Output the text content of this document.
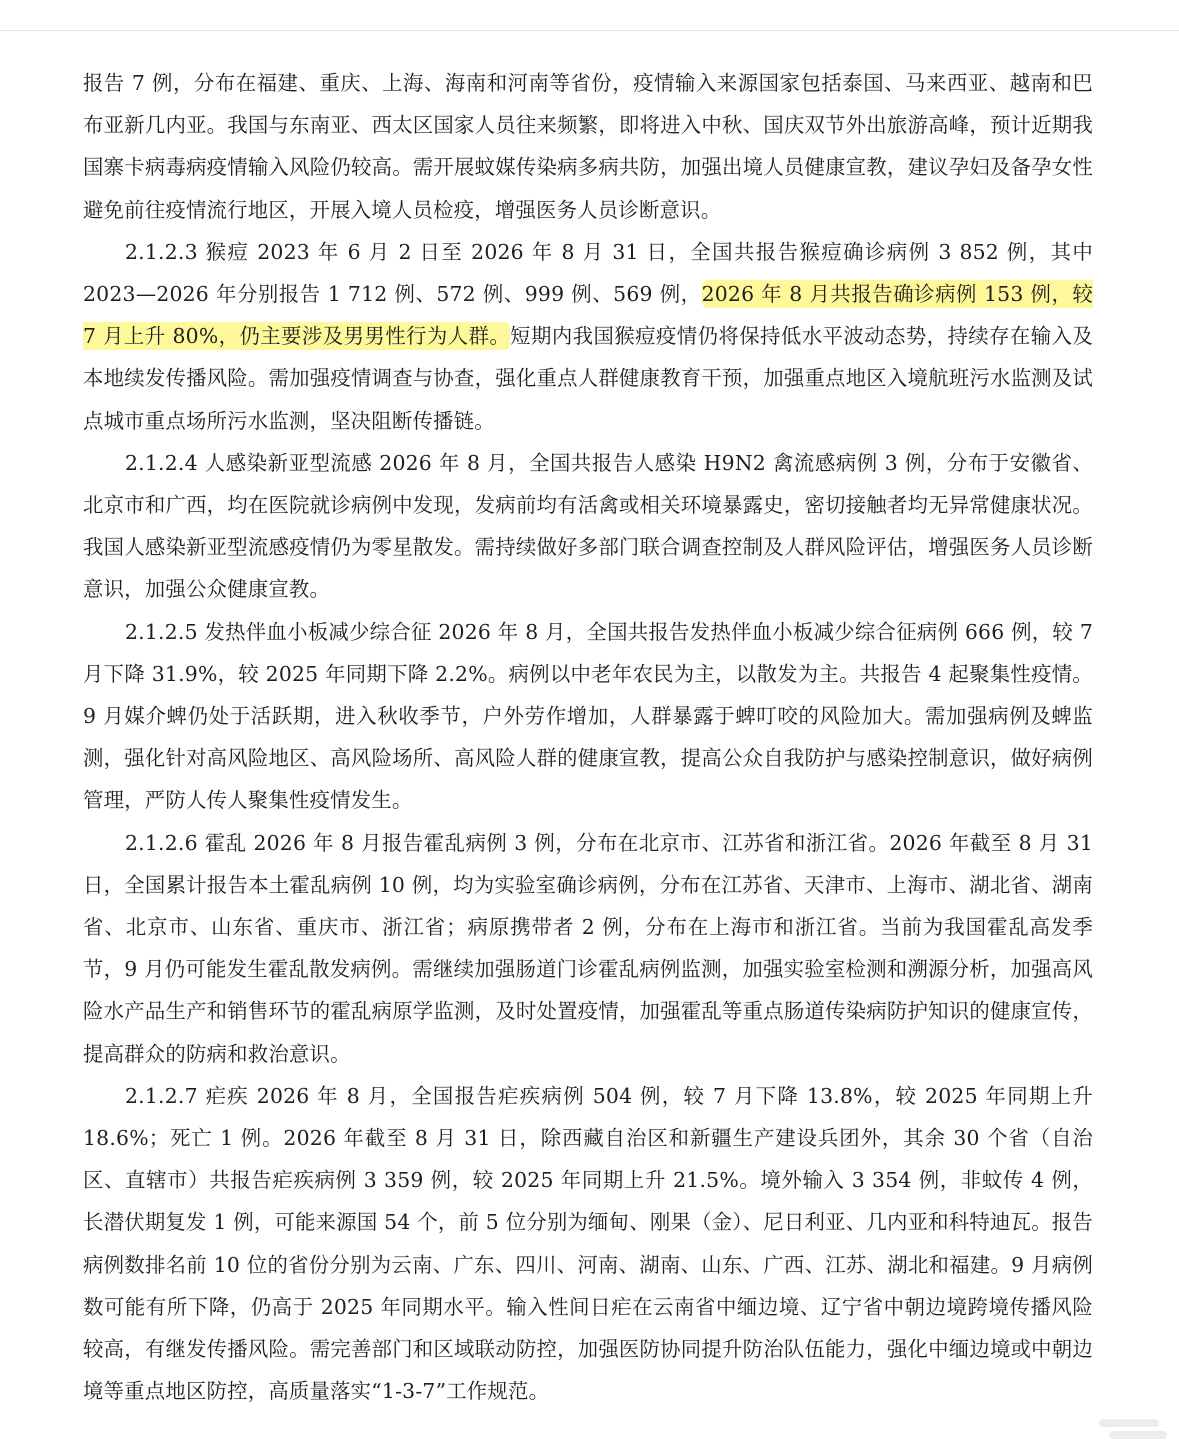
报告 7 例，分布在福建、重庆、上海、海南和河南等省份，疫情输入来源国家包括泰国、马来西亚、越南和巴布亚新几内亚。我国与东南亚、西太区国家人员往来频繁，即将进入中秋、国庆双节外出旅游高峰，预计近期我国寨卡病毒病疫情输入风险仍较高。需开展蚊媒传染病多病共防，加强出境人员健康宣教，建议孕妇及备孕女性避免前往疫情流行地区，开展入境人员检疫，增强医务人员诊断意识。

2.1.2.3 猴痘 2023 年 6 月 2 日至 2026 年 8 月 31 日，全国共报告猴痘确诊病例 3 852 例，其中 2023—2026 年分别报告 1 712 例、572 例、999 例、569 例，2026 年 8 月共报告确诊病例 153 例，较 7 月上升 80%，仍主要涉及男男性行为人群。短期内我国猴痘疫情仍将保持低水平波动态势，持续存在输入及本地续发传播风险。需加强疫情调查与协查，强化重点人群健康教育干预，加强重点地区入境航班污水监测及试点城市重点场所污水监测，坚决阻断传播链。

2.1.2.4 人感染新亚型流感 2026 年 8 月，全国共报告人感染 H9N2 禽流感病例 3 例，分布于安徽省、北京市和广西，均在医院就诊病例中发现，发病前均有活禽或相关环境暴露史，密切接触者均无异常健康状况。我国人感染新亚型流感疫情仍为零星散发。需持续做好多部门联合调查控制及人群风险评估，增强医务人员诊断意识，加强公众健康宣教。

2.1.2.5 发热伴血小板减少综合征 2026 年 8 月，全国共报告发热伴血小板减少综合征病例 666 例，较 7 月下降 31.9%，较 2025 年同期下降 2.2%。病例以中老年农民为主，以散发为主。共报告 4 起聚集性疫情。9 月媒介蜱仍处于活跃期，进入秋收季节，户外劳作增加，人群暴露于蜱叮咬的风险加大。需加强病例及蜱监测，强化针对高风险地区、高风险场所、高风险人群的健康宣教，提高公众自我防护与感染控制意识，做好病例管理，严防人传人聚集性疫情发生。

2.1.2.6 霍乱 2026 年 8 月报告霍乱病例 3 例，分布在北京市、江苏省和浙江省。2026 年截至 8 月 31 日，全国累计报告本土霍乱病例 10 例，均为实验室确诊病例，分布在江苏省、天津市、上海市、湖北省、湖南省、北京市、山东省、重庆市、浙江省；病原携带者 2 例，分布在上海市和浙江省。当前为我国霍乱高发季节，9 月仍可能发生霍乱散发病例。需继续加强肠道门诊霍乱病例监测，加强实验室检测和溯源分析，加强高风险水产品生产和销售环节的霍乱病原学监测，及时处置疫情，加强霍乱等重点肠道传染病防护知识的健康宣传，提高群众的防病和救治意识。

2.1.2.7 疟疾 2026 年 8 月，全国报告疟疾病例 504 例，较 7 月下降 13.8%，较 2025 年同期上升 18.6%；死亡 1 例。2026 年截至 8 月 31 日，除西藏自治区和新疆生产建设兵团外，其余 30 个省（自治区、直辖市）共报告疟疾病例 3 359 例，较 2025 年同期上升 21.5%。境外输入 3 354 例，非蚊传 4 例，长潜伏期复发 1 例，可能来源国 54 个，前 5 位分别为缅甸、刚果（金）、尼日利亚、几内亚和科特迪瓦。报告病例数排名前 10 位的省份分别为云南、广东、四川、河南、湖南、山东、广西、江苏、湖北和福建。9 月病例数可能有所下降，仍高于 2025 年同期水平。输入性间日疟在云南省中缅边境、辽宁省中朝边境跨境传播风险较高，有继发传播风险。需完善部门和区域联动防控，加强医防协同提升防治队伍能力，强化中缅边境或中朝边境等重点地区防控，高质量落实“1-3-7”工作规范。
